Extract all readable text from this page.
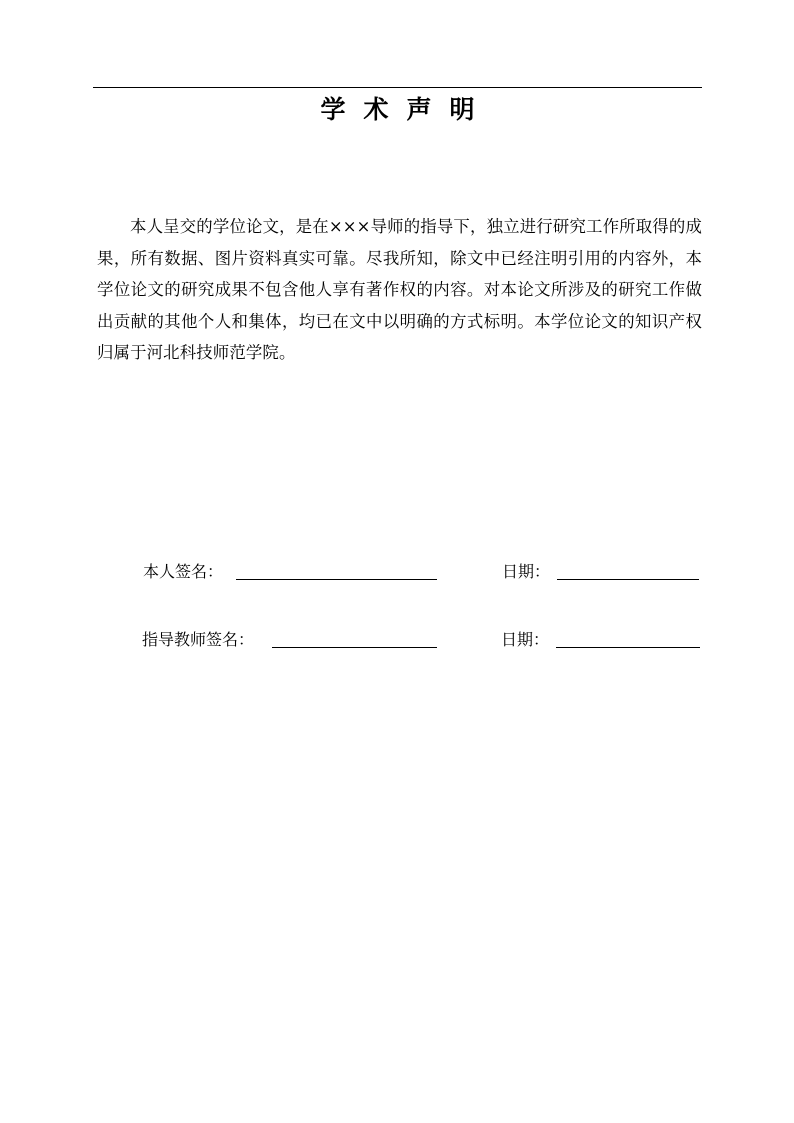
学术声明

本人呈交的学位论文，是在×××导师的指导下，独立进行研究工作所取得的成果，所有数据、图片资料真实可靠。尽我所知，除文中已经注明引用的内容外，本学位论文的研究成果不包含他人享有著作权的内容。对本论文所涉及的研究工作做出贡献的其他个人和集体，均已在文中以明确的方式标明。本学位论文的知识产权归属于河北科技师范学院。

本人签名：	日期：
指导教师签名：	日期：
